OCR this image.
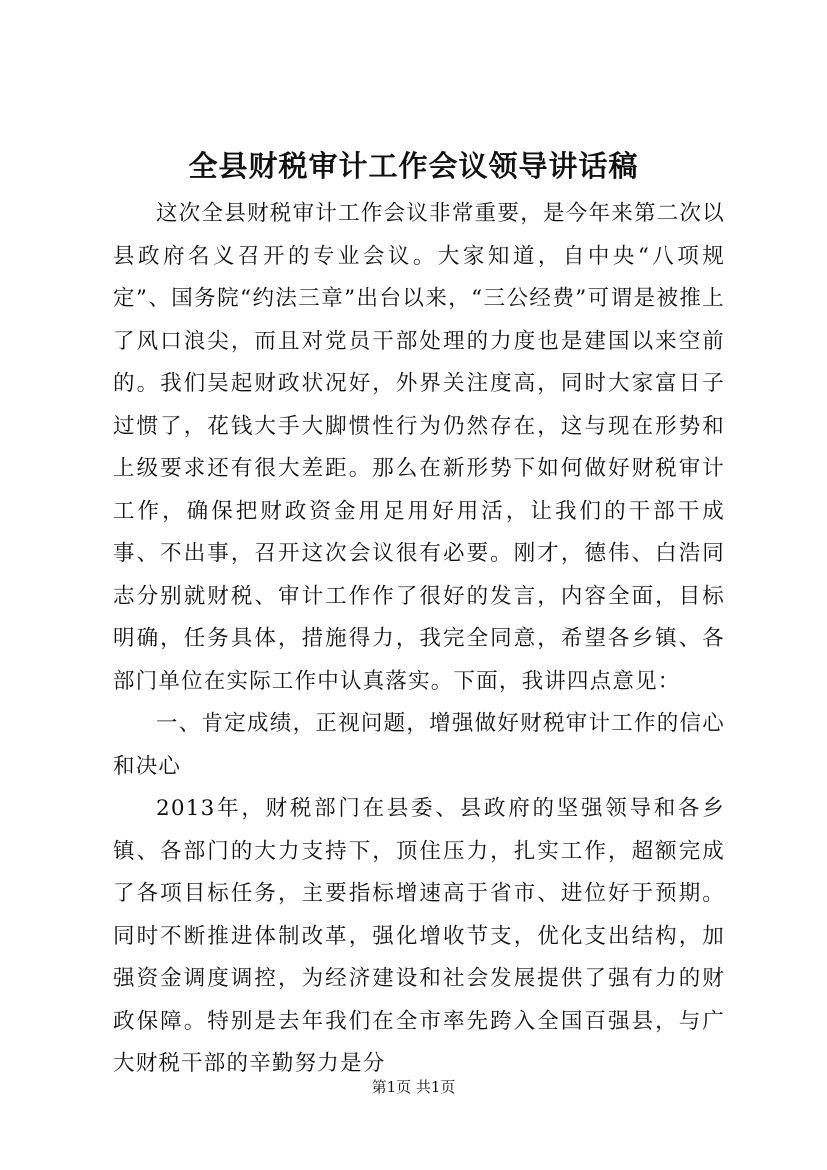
全县财税审计工作会议领导讲话稿

这次全县财税审计工作会议非常重要，是今年来第二次以县政府名义召开的专业会议。大家知道，自中央“八项规定”、国务院“约法三章”出台以来，“三公经费”可谓是被推上了风口浪尖，而且对党员干部处理的力度也是建国以来空前的。我们吴起财政状况好，外界关注度高，同时大家富日子过惯了，花钱大手大脚惯性行为仍然存在，这与现在形势和上级要求还有很大差距。那么在新形势下如何做好财税审计工作，确保把财政资金用足用好用活，让我们的干部干成事、不出事，召开这次会议很有必要。刚才，德伟、白浩同志分别就财税、审计工作作了很好的发言，内容全面，目标明确，任务具体，措施得力，我完全同意，希望各乡镇、各部门单位在实际工作中认真落实。下面，我讲四点意见：

一、肯定成绩，正视问题，增强做好财税审计工作的信心和决心

2013年，财税部门在县委、县政府的坚强领导和各乡镇、各部门的大力支持下，顶住压力，扎实工作，超额完成了各项目标任务，主要指标增速高于省市、进位好于预期。同时不断推进体制改革，强化增收节支，优化支出结构，加强资金调度调控，为经济建设和社会发展提供了强有力的财政保障。特别是去年我们在全市率先跨入全国百强县，与广大财税干部的辛勤努力是分

第1页 共1页
